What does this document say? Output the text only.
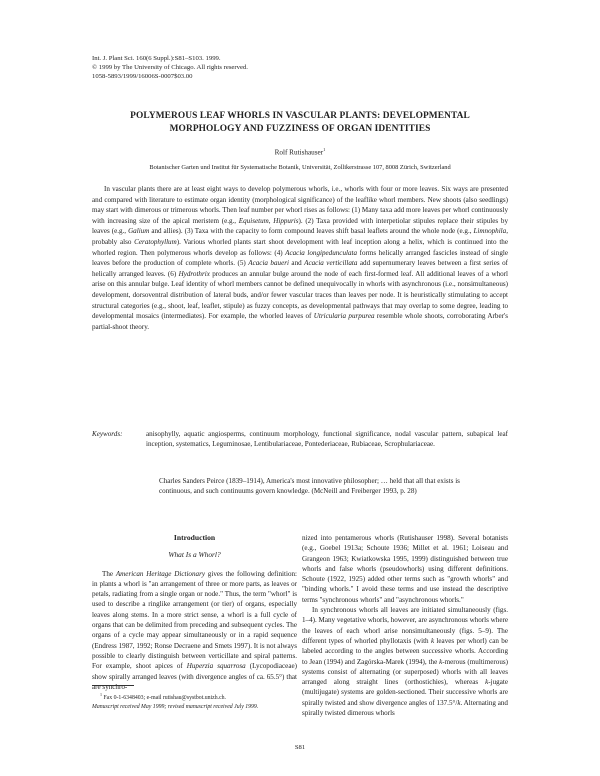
Int. J. Plant Sci. 160(6 Suppl.):S81–S103. 1999.
© 1999 by The University of Chicago. All rights reserved.
1058-5893/1999/16006S-0007$03.00
POLYMEROUS LEAF WHORLS IN VASCULAR PLANTS: DEVELOPMENTAL
MORPHOLOGY AND FUZZINESS OF ORGAN IDENTITIES
Rolf Rutishauser$^1$
Botanischer Garten und Institut für Systematische Botanik, Universität, Zollikerstrasse 107, 8008 Zürich, Switzerland

In vascular plants there are at least eight ways to develop polymerous whorls, i.e., whorls with four or more leaves. Six ways are presented and compared with literature to estimate organ identity (morphological significance) of the leaflike whorl members. New shoots (also seedlings) may start with dimerous or trimerous whorls. Then leaf number per whorl rises as follows: (1) Many taxa add more leaves per whorl continuously with increasing size of the apical meristem (e.g., Equisetum, Hippuris). (2) Taxa provided with interpetiolar stipules replace their stipules by leaves (e.g., Galium and allies). (3) Taxa with the capacity to form compound leaves shift basal leaflets around the whole node (e.g., Limnophila, probably also Ceratophyllum). Various whorled plants start shoot development with leaf inception along a helix, which is continued into the whorled region. Then polymerous whorls develop as follows: (4) Acacia longipedunculata forms helically arranged fascicles instead of single leaves before the production of complete whorls. (5) Acacia baueri and Acacia verticillata add supernumerary leaves between a first series of helically arranged leaves. (6) Hydrothrix produces an annular bulge around the node of each first-formed leaf. All additional leaves of a whorl arise on this annular bulge. Leaf identity of whorl members cannot be defined unequivocally in whorls with asynchronous (i.e., nonsimultaneous) development, dorsoventral distribution of lateral buds, and/or fewer vascular traces than leaves per node. It is heuristically stimulating to accept structural categories (e.g., shoot, leaf, leaflet, stipule) as fuzzy concepts, as developmental pathways that may overlap to some degree, leading to developmental mosaics (intermediates). For example, the whorled leaves of Utricularia purpurea resemble whole shoots, corroborating Arber's partial-shoot theory.

Keywords:	anisophylly, aquatic angiosperms, continuum morphology, functional significance, nodal vascular pattern, subapical leaf inception, systematics, Leguminosae, Lentibulariaceae, Pontederiaceae, Rubiaceae, Scrophulariaceae.

Charles Sanders Peirce (1839–1914), America's most innovative philosopher; … held that all that exists is continuous, and such continuums govern knowledge. (McNeill and Freiberger 1993, p. 28)

Introduction
What Is a Whorl?

The American Heritage Dictionary gives the following definition: in plants a whorl is "an arrangement of three or more parts, as leaves or petals, radiating from a single organ or node." Thus, the term "whorl" is used to describe a ringlike arrangement (or tier) of organs, especially leaves along stems. In a more strict sense, a whorl is a full cycle of organs that can be delimited from preceding and subsequent cycles. The organs of a cycle may appear simultaneously or in a rapid sequence (Endress 1987, 1992; Ronse Decraene and Smets 1997). It is not always possible to clearly distinguish between verticillate and spiral patterns. For example, shoot apices of Huperzia squarrosa (Lycopodiaceae) show spirally arranged leaves (with divergence angles of ca. 65.5°) that are synchro-

nized into pentamerous whorls (Rutishauser 1998). Several botanists (e.g., Goebel 1913a; Schoute 1936; Millet et al. 1961; Loiseau and Grangeon 1963; Kwiatkowska 1995, 1999) distinguished between true whorls and false whorls (pseudowhorls) using different definitions. Schoute (1922, 1925) added other terms such as "growth whorls" and "binding whorls." I avoid these terms and use instead the descriptive terms "synchronous whorls" and "asynchronous whorls."

In synchronous whorls all leaves are initiated simultaneously (figs. 1–4). Many vegetative whorls, however, are asynchronous whorls where the leaves of each whorl arise nonsimultaneously (figs. 5–9). The different types of whorled phyllotaxis (with k leaves per whorl) can be labeled according to the angles between successive whorls. According to Jean (1994) and Zagórska-Marek (1994), the k-merous (multimerous) systems consist of alternating (or superposed) whorls with all leaves arranged along straight lines (orthostichies), whereas k-jugate (multijugate) systems are golden-sectioned. Their successive whorls are spirally twisted and show divergence angles of 137.5°/k. Alternating and spirally twisted dimerous whorls

$^1$ Fax 0-1-6348403; e-mail rutishau@systbot.unizh.ch.
Manuscript received May 1999; revised manuscript received July 1999.
S81
